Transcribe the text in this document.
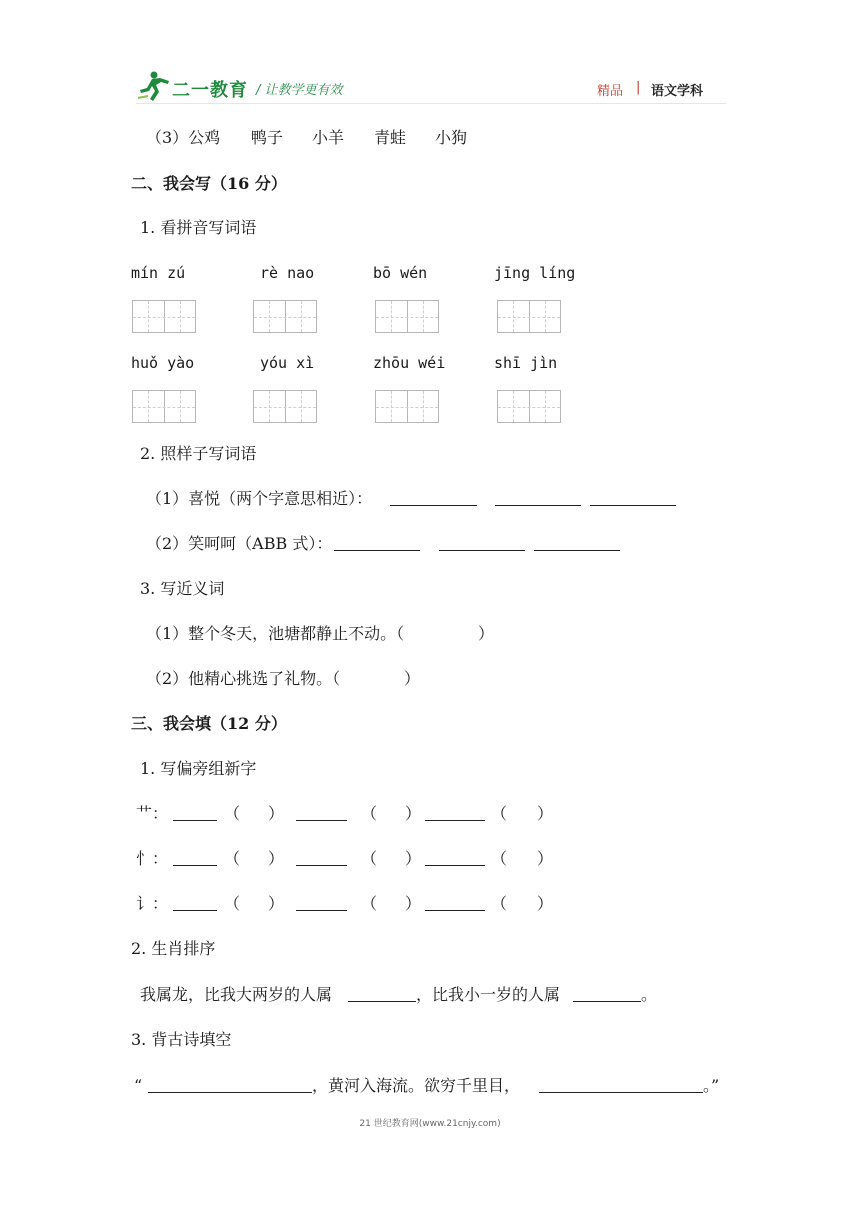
二一教育 / 让教学更有效	精品 | 语文学科
（3）公鸡 鸭子 小羊 青蛙 小狗
二、我会写（16 分）
1. 看拼音写词语
mín zú	rè nao	bō wén	jīng líng
huǒ yào	yóu xì	zhōu wéi	shī jìn
2. 照样子写词语
（1）喜悦（两个字意思相近）：
（2）笑呵呵（ABB 式）：
3. 写近义词
（1）整个冬天，池塘都静止不动。（	）
（2）他精心挑选了礼物。（	）
三、我会填（12 分）
1. 写偏旁组新字
艹：	（ ）	（ ）	（ ）
忄：	（ ）	（ ）	（ ）
讠：	（ ）	（ ）	（ ）
2. 生肖排序
我属龙，比我大两岁的人属	，比我小一岁的人属	。
3. 背古诗填空
“	，黄河入海流。欲穷千里目，	。”
21 世纪教育网(www.21cnjy.com)
